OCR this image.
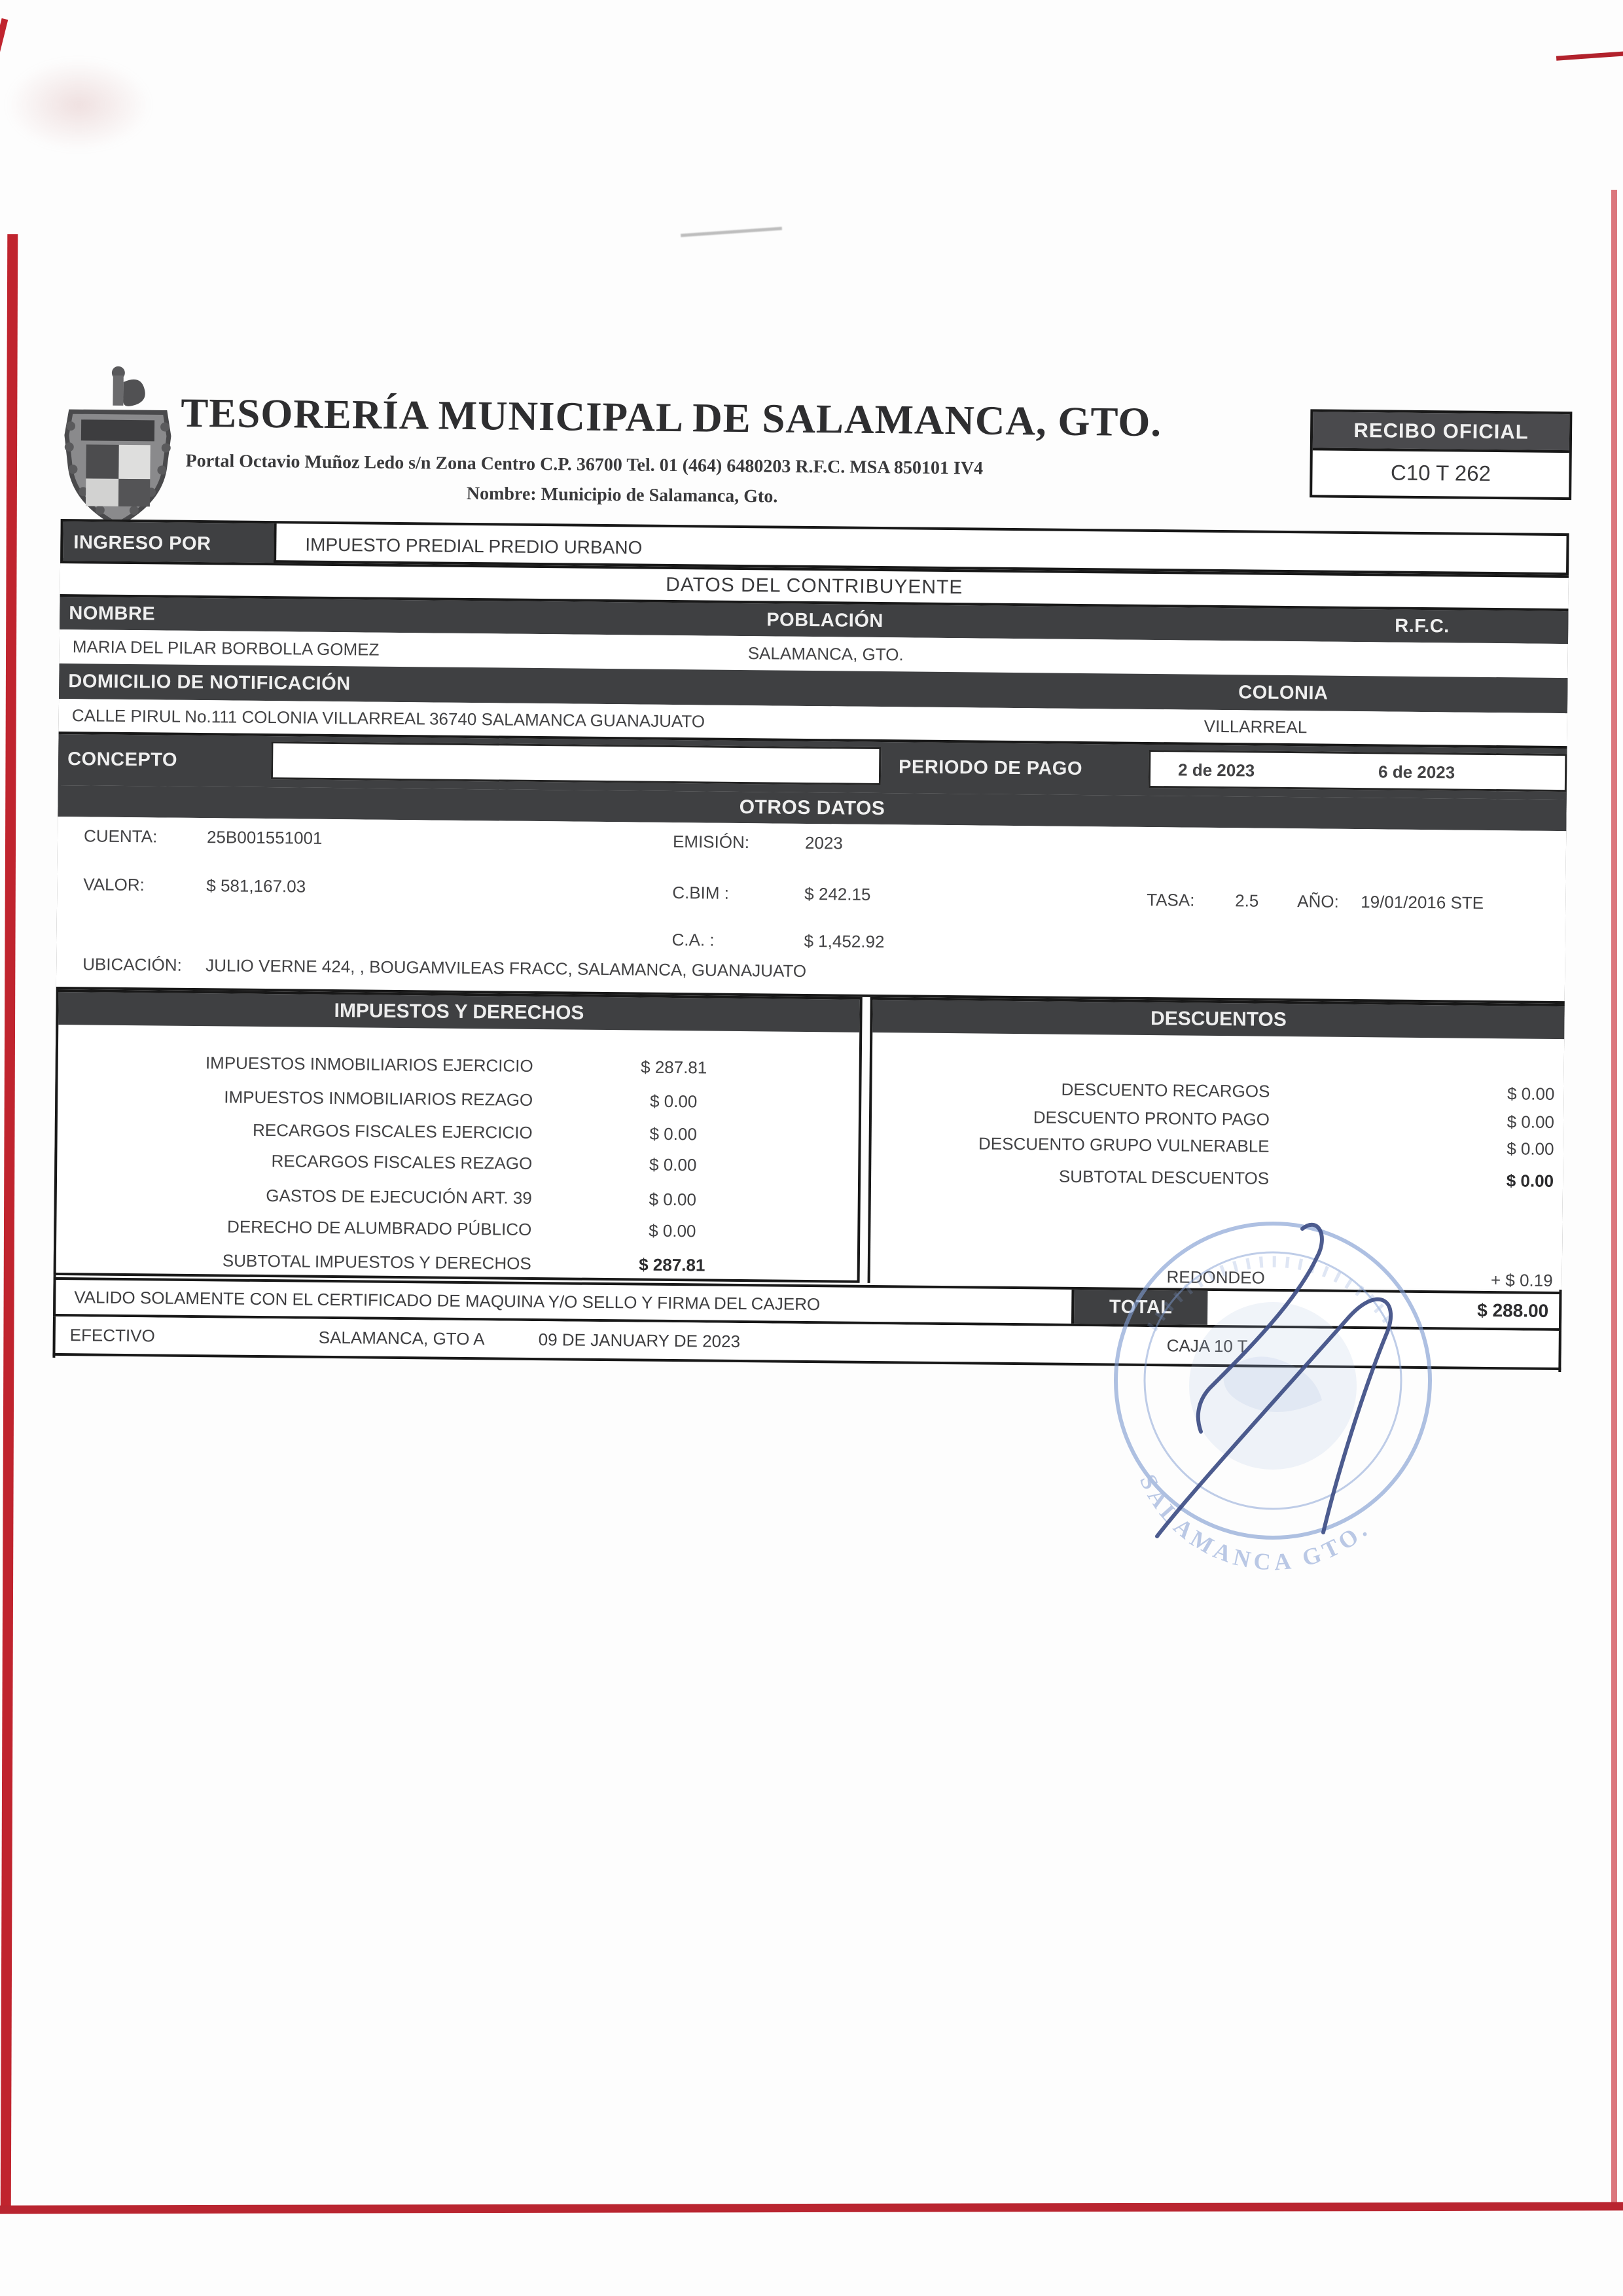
TESORERÍA MUNICIPAL DE SALAMANCA, GTO.
Portal Octavio Muñoz Ledo s/n Zona Centro C.P. 36700 Tel. 01 (464) 6480203 R.F.C. MSA 850101 IV4
Nombre: Municipio de Salamanca, Gto.
RECIBO OFICIAL
C10 T 262
INGRESO POR	IMPUESTO PREDIAL PREDIO URBANO
DATOS DEL CONTRIBUYENTE
NOMBRE	POBLACIÓN	R.F.C.
MARIA DEL PILAR BORBOLLA GOMEZ	SALAMANCA, GTO.
DOMICILIO DE NOTIFICACIÓN	COLONIA
CALLE PIRUL No.111 COLONIA VILLARREAL 36740 SALAMANCA GUANAJUATO	VILLARREAL
CONCEPTO	PERIODO DE PAGO	2 de 2023	6 de 2023
OTROS DATOS
CUENTA:	25B001551001	EMISIÓN:	2023
VALOR:	$ 581,167.03	C.BIM :	$ 242.15	TASA: 2.5 AÑO: 19/01/2016 STE
C.A. :	$ 1,452.92
UBICACIÓN: JULIO VERNE 424, , BOUGAMVILEAS FRACC, SALAMANCA, GUANAJUATO
IMPUESTOS Y DERECHOS
IMPUESTOS INMOBILIARIOS EJERCICIO	$ 287.81
IMPUESTOS INMOBILIARIOS REZAGO	$ 0.00
RECARGOS FISCALES EJERCICIO	$ 0.00
RECARGOS FISCALES REZAGO	$ 0.00
GASTOS DE EJECUCIÓN ART. 39	$ 0.00
DERECHO DE ALUMBRADO PÚBLICO	$ 0.00
SUBTOTAL IMPUESTOS Y DERECHOS	$ 287.81
DESCUENTOS
DESCUENTO RECARGOS	$ 0.00
DESCUENTO PRONTO PAGO	$ 0.00
DESCUENTO GRUPO VULNERABLE	$ 0.00
SUBTOTAL DESCUENTOS	$ 0.00
REDONDEO	+ $ 0.19
VALIDO SOLAMENTE CON EL CERTIFICADO DE MAQUINA Y/O SELLO Y FIRMA DEL CAJERO	TOTAL	$ 288.00
EFECTIVO	SALAMANCA, GTO A	09 DE JANUARY DE 2023	CAJA 10 T
SALAMANCA GTO.
